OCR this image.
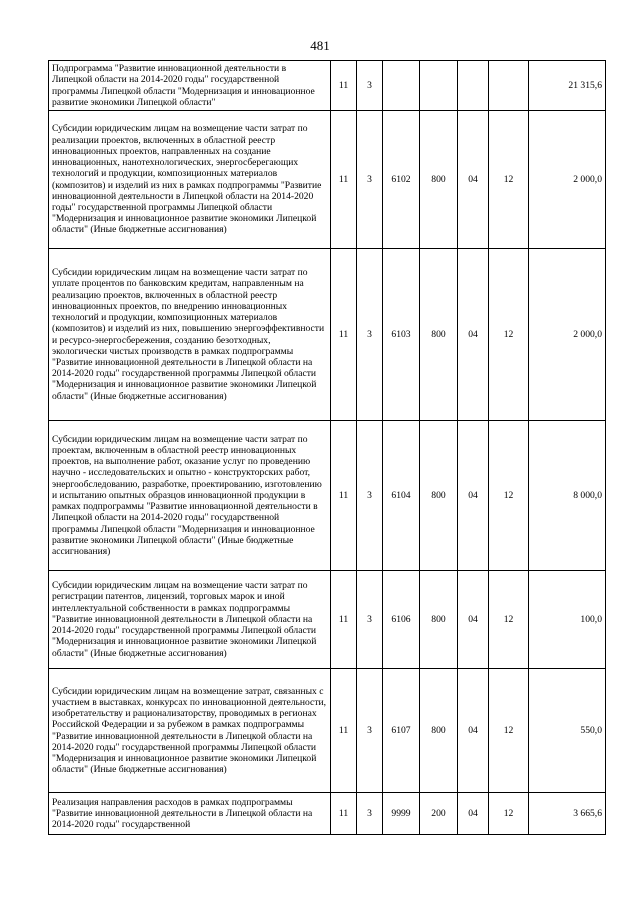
481
Подпрограмма "Развитие инновационной деятельности в Липецкой области на 2014-2020 годы" государственной программы Липецкой области "Модернизация и инновационное развитие экономики Липецкой области"	11	3					21 315,6
Субсидии юридическим лицам на возмещение части затрат по реализации проектов, включенных в областной реестр инновационных проектов, направленных на создание инновационных, нанотехнологических, энергосберегающих технологий и продукции, композиционных материалов (композитов) и изделий из них в рамках подпрограммы "Развитие инновационной деятельности в Липецкой области на 2014-2020 годы" государственной программы Липецкой области "Модернизация и инновационное развитие экономики Липецкой области" (Иные бюджетные ассигнования)	11	3	6102	800	04	12	2 000,0
Субсидии юридическим лицам на возмещение части затрат по уплате процентов по банковским кредитам, направленным на реализацию проектов, включенных в областной реестр инновационных проектов, по внедрению инновационных технологий и продукции, композиционных материалов (композитов) и изделий из них, повышению энергоэффективности и ресурсо-энергосбережения, созданию безотходных, экологически чистых производств в рамках подпрограммы "Развитие инновационной деятельности в Липецкой области на 2014-2020 годы" государственной программы Липецкой области "Модернизация и инновационное развитие экономики Липецкой области" (Иные бюджетные ассигнования)	11	3	6103	800	04	12	2 000,0
Субсидии юридическим лицам на возмещение части затрат по проектам, включенным в областной реестр инновационных проектов, на выполнение работ, оказание услуг по проведению научно - исследовательских и опытно - конструкторских работ, энергообследованию, разработке, проектированию, изготовлению и испытанию опытных образцов инновационной продукции в рамках подпрограммы "Развитие инновационной деятельности в Липецкой области на 2014-2020 годы" государственной программы Липецкой области "Модернизация и инновационное развитие экономики Липецкой области" (Иные бюджетные ассигнования)	11	3	6104	800	04	12	8 000,0
Субсидии юридическим лицам на возмещение части затрат по регистрации патентов, лицензий, торговых марок и иной интеллектуальной собственности в рамках подпрограммы "Развитие инновационной деятельности в Липецкой области на 2014-2020 годы" государственной программы Липецкой области "Модернизация и инновационное развитие экономики Липецкой области" (Иные бюджетные ассигнования)	11	3	6106	800	04	12	100,0
Субсидии юридическим лицам на возмещение затрат, связанных с участием в выставках, конкурсах по инновационной деятельности, изобретательству и рационализаторству, проводимых в регионах Российской Федерации и за рубежом в рамках подпрограммы "Развитие инновационной деятельности в Липецкой области на 2014-2020 годы" государственной программы Липецкой области "Модернизация и инновационное развитие экономики Липецкой области" (Иные бюджетные ассигнования)	11	3	6107	800	04	12	550,0
Реализация направления расходов в рамках подпрограммы "Развитие инновационной деятельности в Липецкой области на 2014-2020 годы" государственной	11	3	9999	200	04	12	3 665,6
